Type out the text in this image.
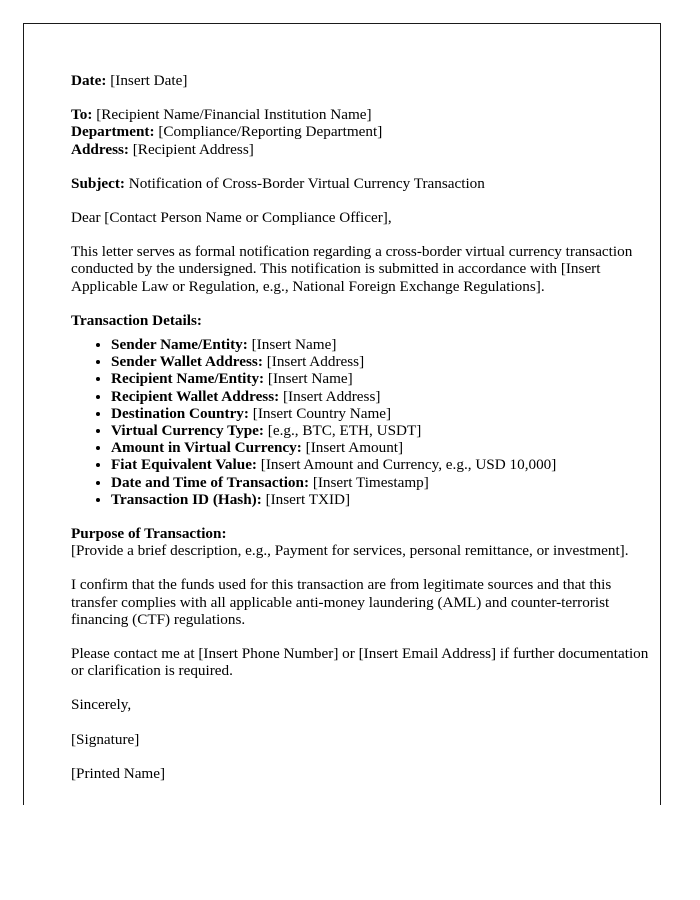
Date: [Insert Date]

To: [Recipient Name/Financial Institution Name]

Department: [Compliance/Reporting Department]

Address: [Recipient Address]

Subject: Notification of Cross-Border Virtual Currency Transaction

Dear [Contact Person Name or Compliance Officer],

This letter serves as formal notification regarding a cross-border virtual currency transaction conducted by the undersigned. This notification is submitted in accordance with [Insert Applicable Law or Regulation, e.g., National Foreign Exchange Regulations].

Transaction Details:

• Sender Name/Entity: [Insert Name]
• Sender Wallet Address: [Insert Address]
• Recipient Name/Entity: [Insert Name]
• Recipient Wallet Address: [Insert Address]
• Destination Country: [Insert Country Name]
• Virtual Currency Type: [e.g., BTC, ETH, USDT]
• Amount in Virtual Currency: [Insert Amount]
• Fiat Equivalent Value: [Insert Amount and Currency, e.g., USD 10,000]
• Date and Time of Transaction: [Insert Timestamp]
• Transaction ID (Hash): [Insert TXID]

Purpose of Transaction:

[Provide a brief description, e.g., Payment for services, personal remittance, or investment].

I confirm that the funds used for this transaction are from legitimate sources and that this transfer complies with all applicable anti-money laundering (AML) and counter-terrorist financing (CTF) regulations.

Please contact me at [Insert Phone Number] or [Insert Email Address] if further documentation or clarification is required.

Sincerely,

[Signature]

[Printed Name]
